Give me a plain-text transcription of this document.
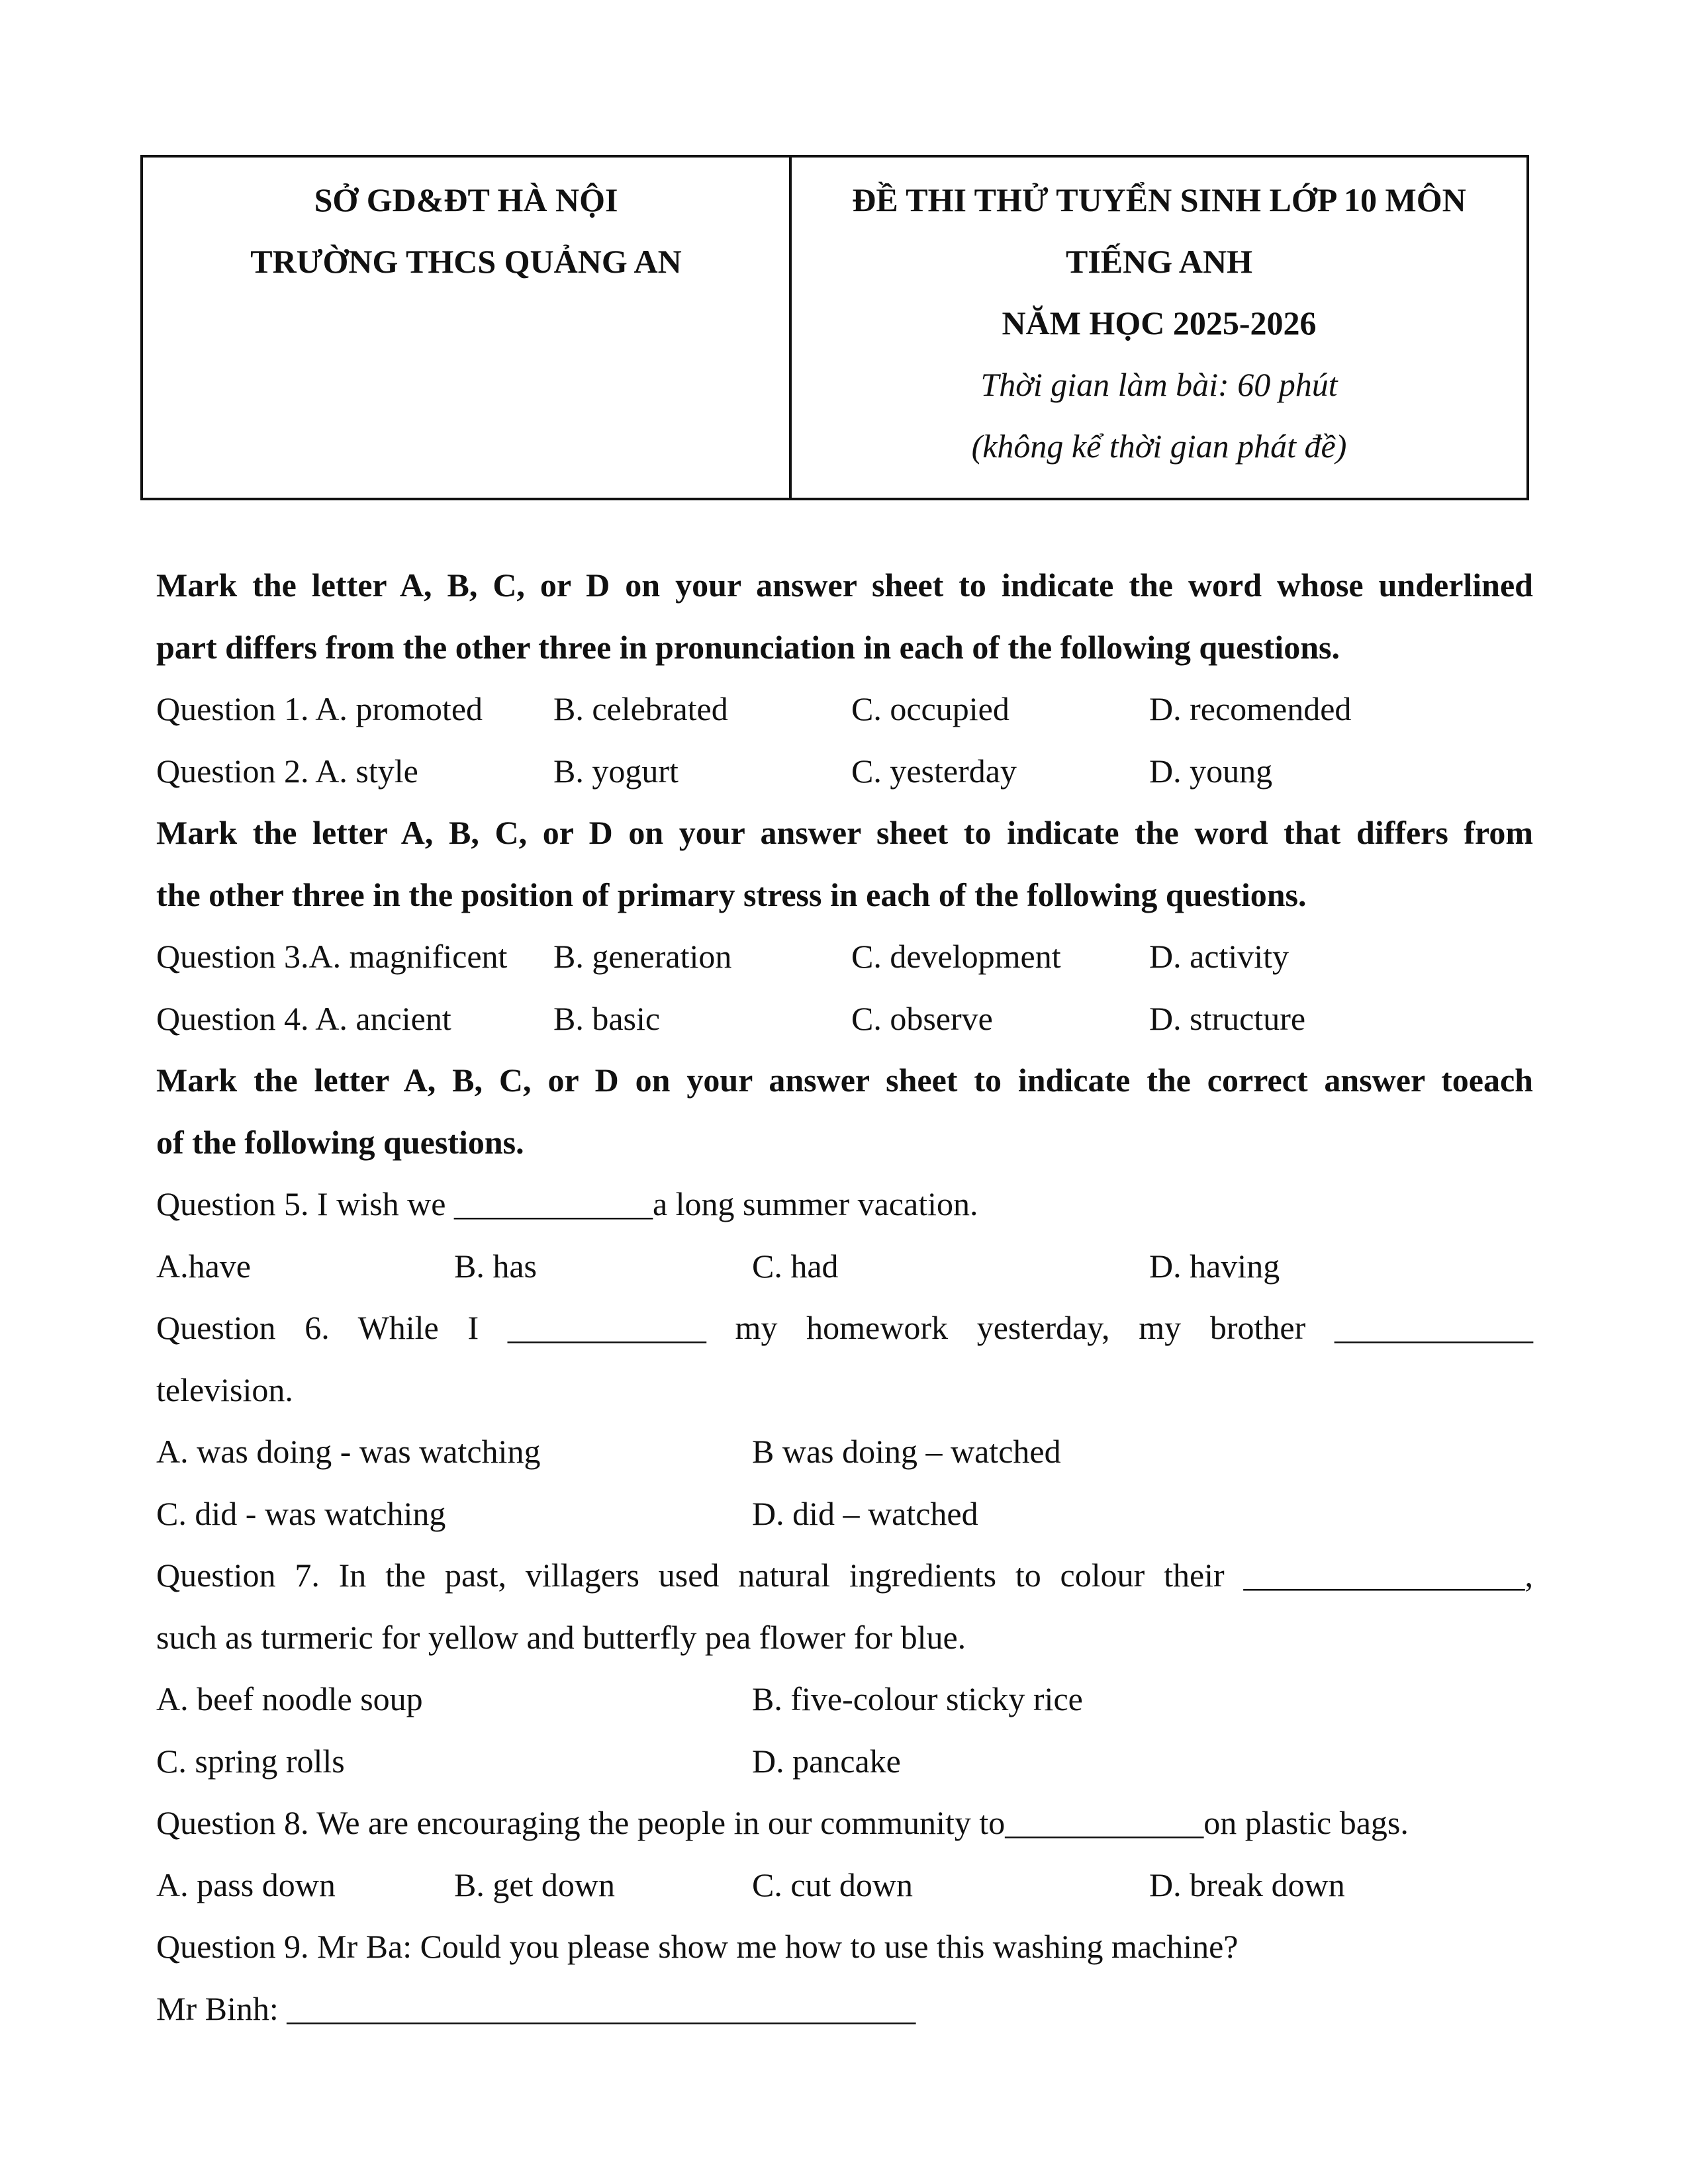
SỞ GD&ĐT HÀ NỘI
TRƯỜNG THCS QUẢNG AN
ĐỀ THI THỬ TUYỂN SINH LỚP 10 MÔN
TIẾNG ANH
NĂM HỌC 2025-2026
Thời gian làm bài: 60 phút
(không kể thời gian phát đề)
Mark the letter A, B, C, or D on your answer sheet to indicate the word whose underlined
part differs from the other three in pronunciation in each of the following questions.
Question 1. A. promoted B. celebrated	C. occupied	D. recomended
Question 2. A. style	B. yogurt	C. yesterday	D. young
Mark the letter A, B, C, or D on your answer sheet to indicate the word that differs from
the other three in the position of primary stress in each of the following questions.
Question 3.A. magnificent B. generation	C. development	D. activity
Question 4. A. ancient	B. basic	C. observe	D. structure
Mark the letter A, B, C, or D on your answer sheet to indicate the correct answer toeach
of the following questions.
Question 5. I wish we ____________a long summer vacation.
A.have	B. has	C. had	D. having
Question 6. While I ____________ my homework yesterday, my brother ____________
television.
A. was doing - was watching	B was doing – watched
C. did - was watching	D. did – watched
Question 7. In the past, villagers used natural ingredients to colour their _________________,
such as turmeric for yellow and butterfly pea flower for blue.
A. beef noodle soup	B. five-colour sticky rice
C. spring rolls	D. pancake
Question 8. We are encouraging the people in our community to____________on plastic bags.
A. pass down	B. get down	C. cut down	D. break down
Question 9. Mr Ba: Could you please show me how to use this washing machine?
Mr Binh: ______________________________________
